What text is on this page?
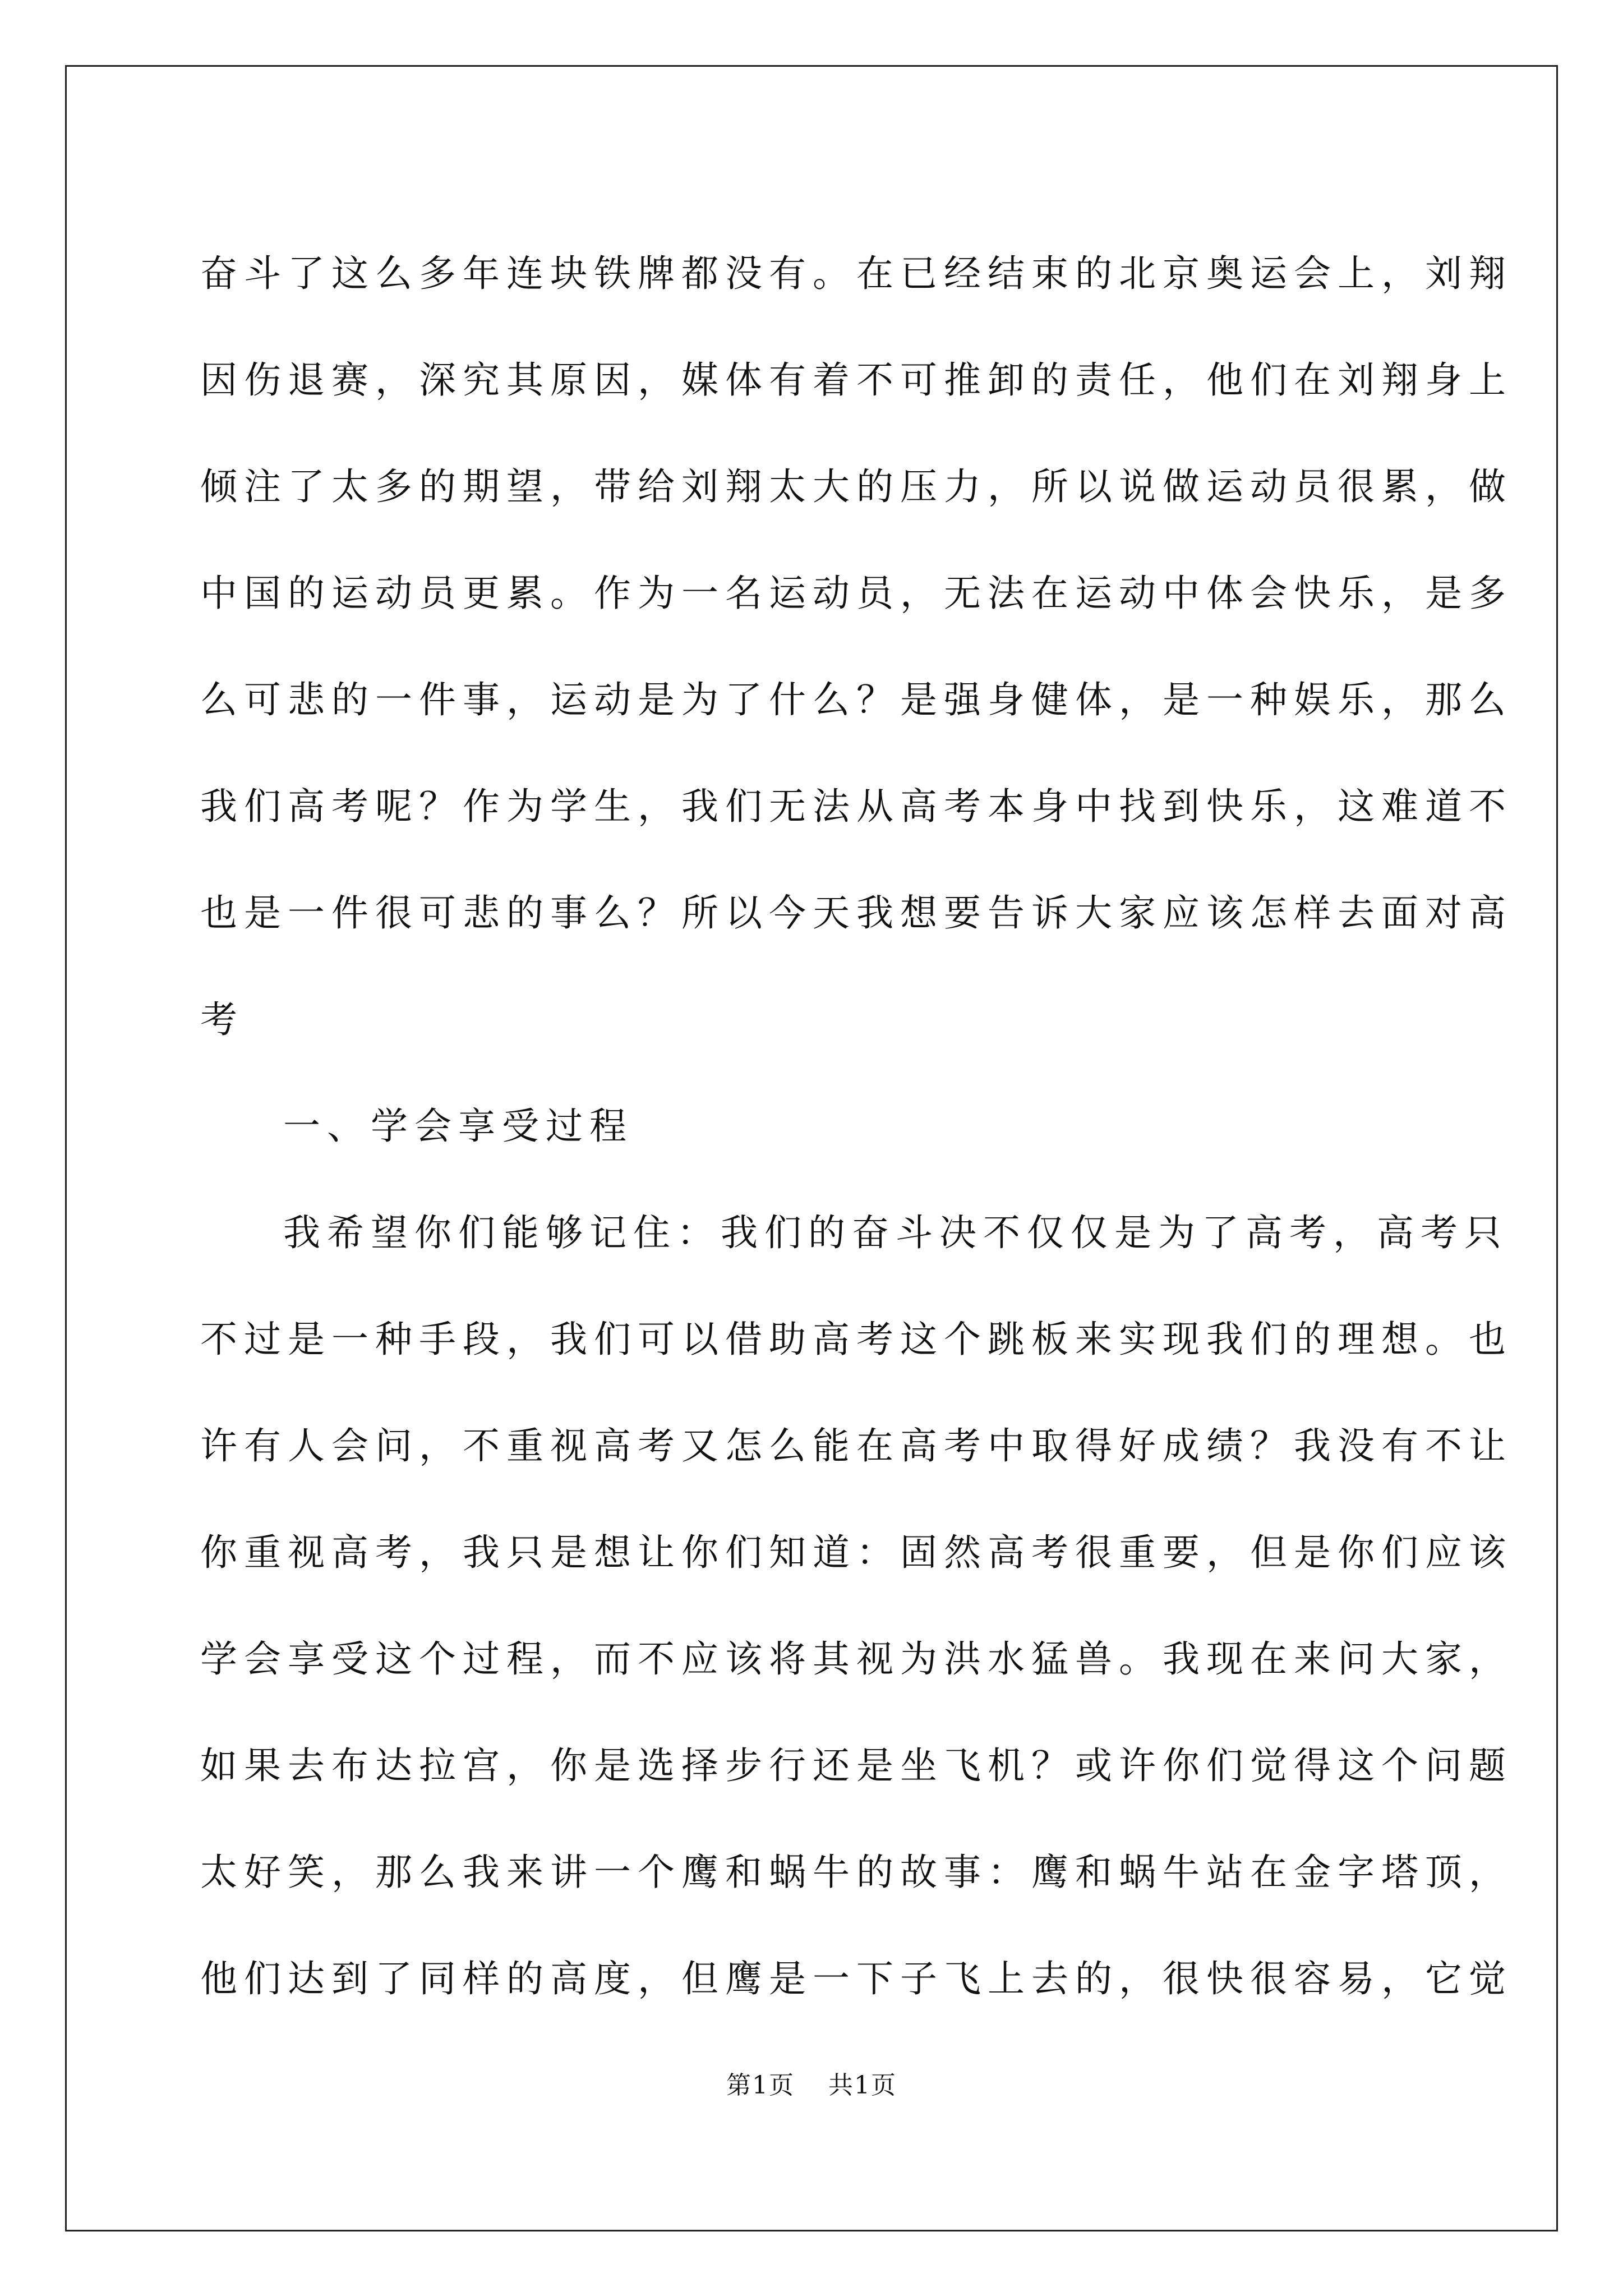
奋斗了这么多年连块铁牌都没有。在已经结束的北京奥运会上，刘翔
因伤退赛，深究其原因，媒体有着不可推卸的责任，他们在刘翔身上
倾注了太多的期望，带给刘翔太大的压力，所以说做运动员很累，做
中国的运动员更累。作为一名运动员，无法在运动中体会快乐，是多
么可悲的一件事，运动是为了什么？是强身健体，是一种娱乐，那么
我们高考呢？作为学生，我们无法从高考本身中找到快乐，这难道不
也是一件很可悲的事么？所以今天我想要告诉大家应该怎样去面对高
考
一、学会享受过程
我希望你们能够记住：我们的奋斗决不仅仅是为了高考，高考只
不过是一种手段，我们可以借助高考这个跳板来实现我们的理想。也
许有人会问，不重视高考又怎么能在高考中取得好成绩？我没有不让
你重视高考，我只是想让你们知道：固然高考很重要，但是你们应该
学会享受这个过程，而不应该将其视为洪水猛兽。我现在来问大家，
如果去布达拉宫，你是选择步行还是坐飞机？或许你们觉得这个问题
太好笑，那么我来讲一个鹰和蜗牛的故事：鹰和蜗牛站在金字塔顶，
他们达到了同样的高度，但鹰是一下子飞上去的，很快很容易，它觉
第1页 共1页
